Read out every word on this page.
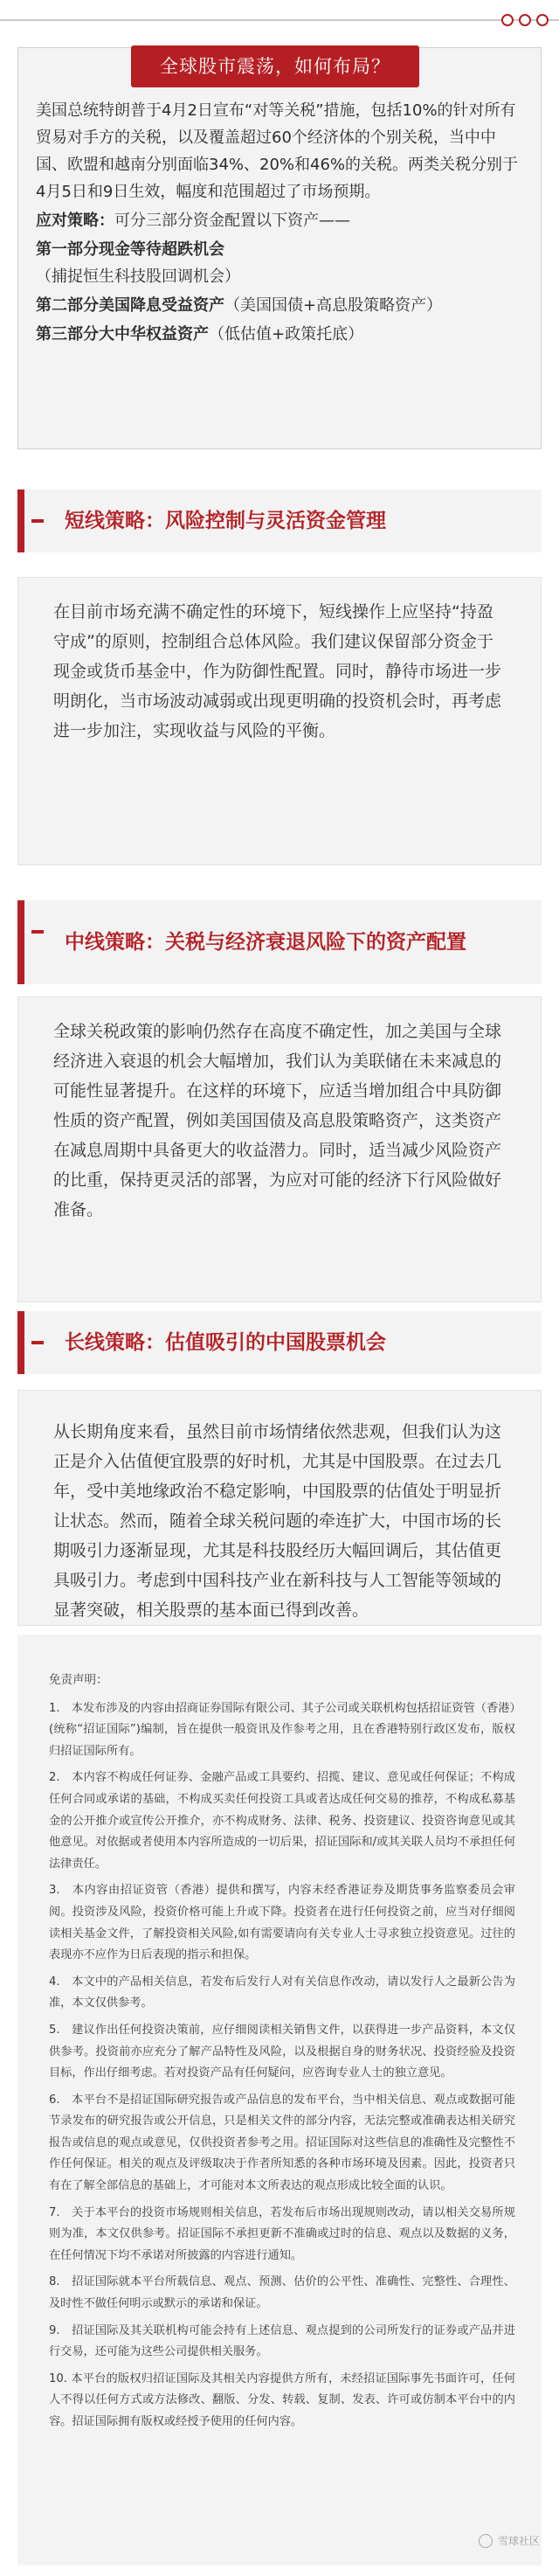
美国总统特朗普于4月2日宣布“对等关税”措施，包括10%的针对所有贸易对手方的关税，以及覆盖超过60个经济体的个别关税，当中中国、欧盟和越南分别面临34%、20%和46%的关税。两类关税分别于4月5日和9日生效，幅度和范围超过了市场预期。

应对策略：可分三部分资金配置以下资产——

第一部分现金等待超跌机会
（捕捉恒生科技股回调机会）

第二部分美国降息受益资产（美国国债+高息股策略资产）

第三部分大中华权益资产（低估值+政策托底）

全球股市震荡，如何布局？
短线策略：风险控制与灵活资金管理

在目前市场充满不确定性的环境下，短线操作上应坚持“持盈守成”的原则，控制组合总体风险。我们建议保留部分资金于现金或货币基金中，作为防御性配置。同时，静待市场进一步明朗化，当市场波动减弱或出现更明确的投资机会时，再考虑进一步加注，实现收益与风险的平衡。

中线策略：关税与经济衰退风险下的资产配置

全球关税政策的影响仍然存在高度不确定性，加之美国与全球经济进入衰退的机会大幅增加，我们认为美联储在未来减息的可能性显著提升。在这样的环境下，应适当增加组合中具防御性质的资产配置，例如美国国债及高息股策略资产，这类资产在减息周期中具备更大的收益潜力。同时，适当减少风险资产的比重，保持更灵活的部署，为应对可能的经济下行风险做好准备。

长线策略：估值吸引的中国股票机会

从长期角度来看，虽然目前市场情绪依然悲观，但我们认为这正是介入估值便宜股票的好时机，尤其是中国股票。在过去几年，受中美地缘政治不稳定影响，中国股票的估值处于明显折让状态。然而，随着全球关税问题的牵连扩大，中国市场的长期吸引力逐渐显现，尤其是科技股经历大幅回调后，其估值更具吸引力。考虑到中国科技产业在新科技与人工智能等领域的显著突破，相关股票的基本面已得到改善。

免责声明：
1.　本发布涉及的内容由招商证券国际有限公司、其子公司或关联机构包括招证资管（香港）(统称“招证国际”)编制，旨在提供一般资讯及作参考之用，且在香港特别行政区发布，版权归招证国际所有。
2.　本内容不构成任何证券、金融产品或工具要约、招揽、建议、意见或任何保证；不构成任何合同或承诺的基础，不构成买卖任何投资工具或者达成任何交易的推荐，不构成私募基金的公开推介或宣传公开推介，亦不构成财务、法律、税务、投资建议、投资咨询意见或其他意见。对依据或者使用本内容所造成的一切后果，招证国际和/或其关联人员均不承担任何法律责任。
3.　本内容由招证资管（香港）提供和撰写，内容未经香港证券及期货事务监察委员会审阅。投资涉及风险，投资价格可能上升或下降。投资者在进行任何投资之前，应当对仔细阅读相关基金文件，了解投资相关风险,如有需要请向有关专业人士寻求独立投资意见。过往的表现亦不应作为日后表现的指示和担保。
4.　本文中的产品相关信息，若发布后发行人对有关信息作改动，请以发行人之最新公告为准，本文仅供参考。
5.　建议作出任何投资决策前，应仔细阅读相关销售文件，以获得进一步产品资料，本文仅供参考。投资前亦应充分了解产品特性及风险，以及根据自身的财务状况、投资经验及投资目标，作出仔细考虑。若对投资产品有任何疑问，应咨询专业人士的独立意见。
6.　本平台不是招证国际研究报告或产品信息的发布平台，当中相关信息、观点或数据可能节录发布的研究报告或公开信息，只是相关文件的部分内容，无法完整或准确表达相关研究报告或信息的观点或意见，仅供投资者参考之用。招证国际对这些信息的准确性及完整性不作任何保证。相关的观点及评级取决于作者所知悉的各种市场环境及因素。因此，投资者只有在了解全部信息的基础上，才可能对本文所表达的观点形成比较全面的认识。
7.　关于本平台的投资市场规则相关信息，若发布后市场出现规则改动，请以相关交易所规则为准，本文仅供参考。招证国际不承担更新不准确或过时的信息、观点以及数据的义务，在任何情况下均不承诺对所披露的内容进行通知。
8.　招证国际就本平台所载信息、观点、预测、估价的公平性、准确性、完整性、合理性、及时性不做任何明示或默示的承诺和保证。
9.　招证国际及其关联机构可能会持有上述信息、观点提到的公司所发行的证券或产品并进行交易，还可能为这些公司提供相关服务。
10. 本平台的版权归招证国际及其相关内容提供方所有，未经招证国际事先书面许可，任何人不得以任何方式或方法修改、翻版、分发、转载、复制、发表、许可或仿制本平台中的内容。招证国际拥有版权或经授予使用的任何内容。
雪球社区
